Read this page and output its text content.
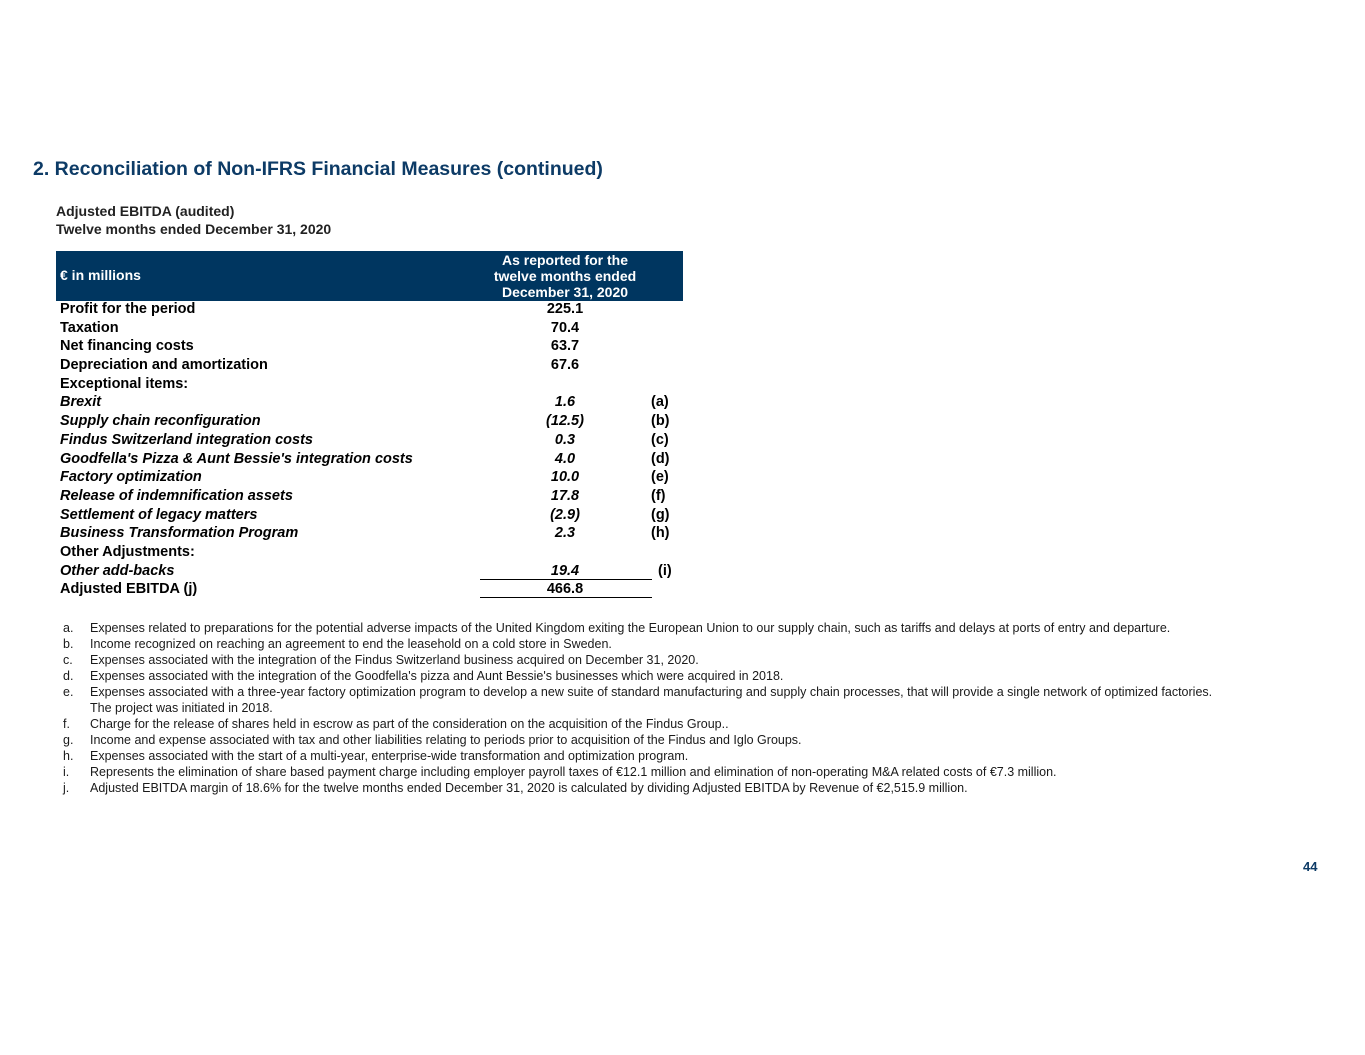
2. Reconciliation of Non-IFRS Financial Measures (continued)
Adjusted EBITDA (audited)
Twelve months ended December 31, 2020
€ in millions
As reported for the
twelve months ended
December 31, 2020
Profit for the period	225.1
Taxation	70.4
Net financing costs	63.7
Depreciation and amortization	67.6
Exceptional items:
Brexit	1.6	(a)
Supply chain reconfiguration	(12.5)	(b)
Findus Switzerland integration costs	0.3	(c)
Goodfella's Pizza & Aunt Bessie's integration costs	4.0	(d)
Factory optimization	10.0	(e)
Release of indemnification assets	17.8	(f)
Settlement of legacy matters	(2.9)	(g)
Business Transformation Program	2.3	(h)
Other Adjustments:
Other add-backs	19.4	(i)
Adjusted EBITDA (j)	466.8
a. Expenses related to preparations for the potential adverse impacts of the United Kingdom exiting the European Union to our supply chain, such as tariffs and delays at ports of entry and departure.
b. Income recognized on reaching an agreement to end the leasehold on a cold store in Sweden.
c. Expenses associated with the integration of the Findus Switzerland business acquired on December 31, 2020.
d. Expenses associated with the integration of the Goodfella's pizza and Aunt Bessie's businesses which were acquired in 2018.
e. Expenses associated with a three-year factory optimization program to develop a new suite of standard manufacturing and supply chain processes, that will provide a single network of optimized factories. The project was initiated in 2018.
f. Charge for the release of shares held in escrow as part of the consideration on the acquisition of the Findus Group..
g. Income and expense associated with tax and other liabilities relating to periods prior to acquisition of the Findus and Iglo Groups.
h. Expenses associated with the start of a multi-year, enterprise-wide transformation and optimization program.
i. Represents the elimination of share based payment charge including employer payroll taxes of €12.1 million and elimination of non-operating M&A related costs of €7.3 million.
j. Adjusted EBITDA margin of 18.6% for the twelve months ended December 31, 2020 is calculated by dividing Adjusted EBITDA by Revenue of €2,515.9 million.
44
